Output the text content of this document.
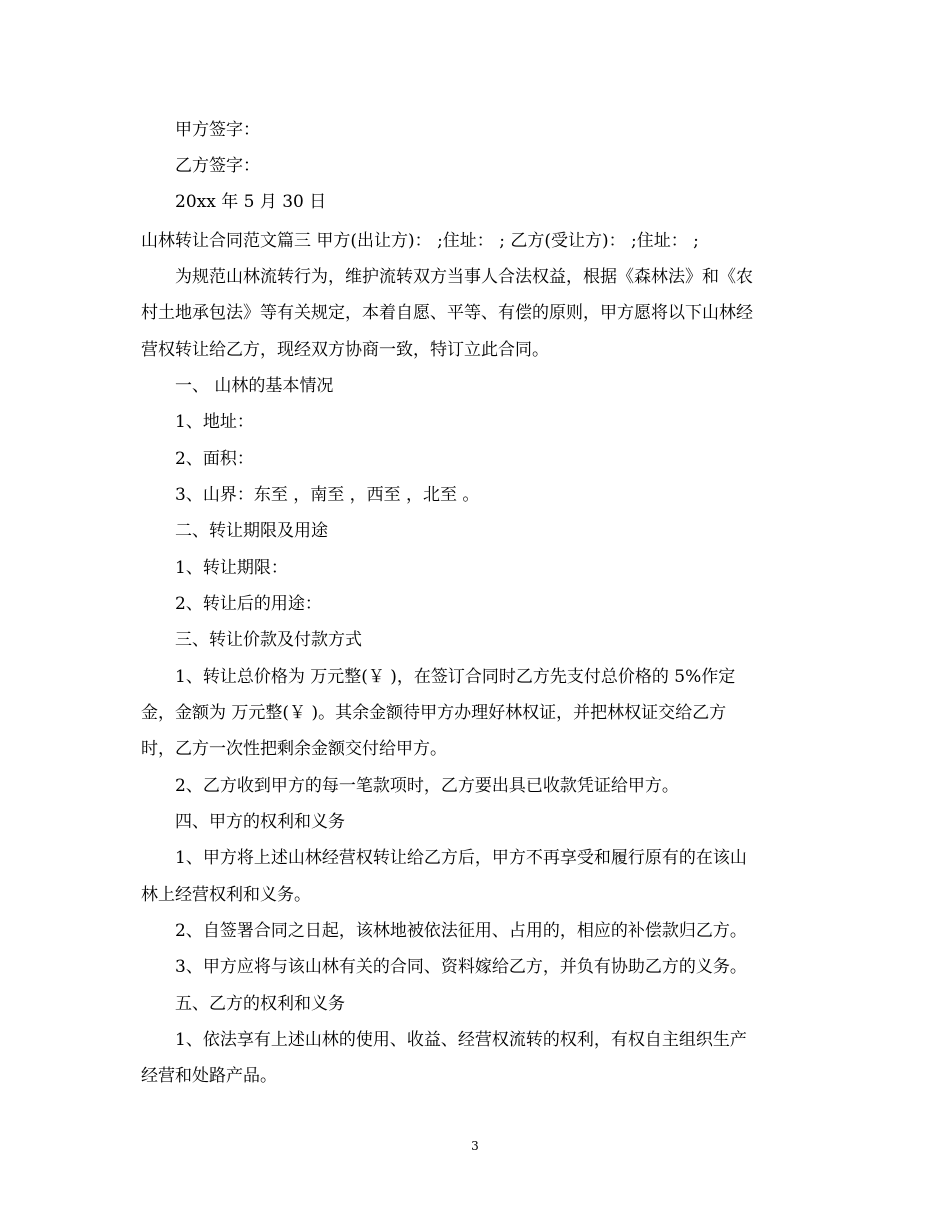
甲方签字：
乙方签字：
20xx 年 5 月 30 日
山林转让合同范文篇三 甲方(出让方)： ;住址： ; 乙方(受让方)： ;住址： ;
为规范山林流转行为，维护流转双方当事人合法权益，根据《森林法》和《农
村土地承包法》等有关规定，本着自愿、平等、有偿的原则，甲方愿将以下山林经
营权转让给乙方，现经双方协商一致，特订立此合同。
一、 山林的基本情况
1、地址：
2、面积：
3、山界：东至 ，南至 ，西至 ，北至 。
二、转让期限及用途
1、转让期限：
2、转让后的用途：
三、转让价款及付款方式
1、转让总价格为 万元整(￥ )，在签订合同时乙方先支付总价格的 5%作定
金，金额为 万元整(￥ )。其余金额待甲方办理好林权证，并把林权证交给乙方
时，乙方一次性把剩余金额交付给甲方。
2、乙方收到甲方的每一笔款项时，乙方要出具已收款凭证给甲方。
四、甲方的权利和义务
1、甲方将上述山林经营权转让给乙方后，甲方不再享受和履行原有的在该山
林上经营权利和义务。
2、自签署合同之日起，该林地被依法征用、占用的，相应的补偿款归乙方。
3、甲方应将与该山林有关的合同、资料嫁给乙方，并负有协助乙方的义务。
五、乙方的权利和义务
1、依法享有上述山林的使用、收益、经营权流转的权利，有权自主组织生产
经营和处路产品。
3
